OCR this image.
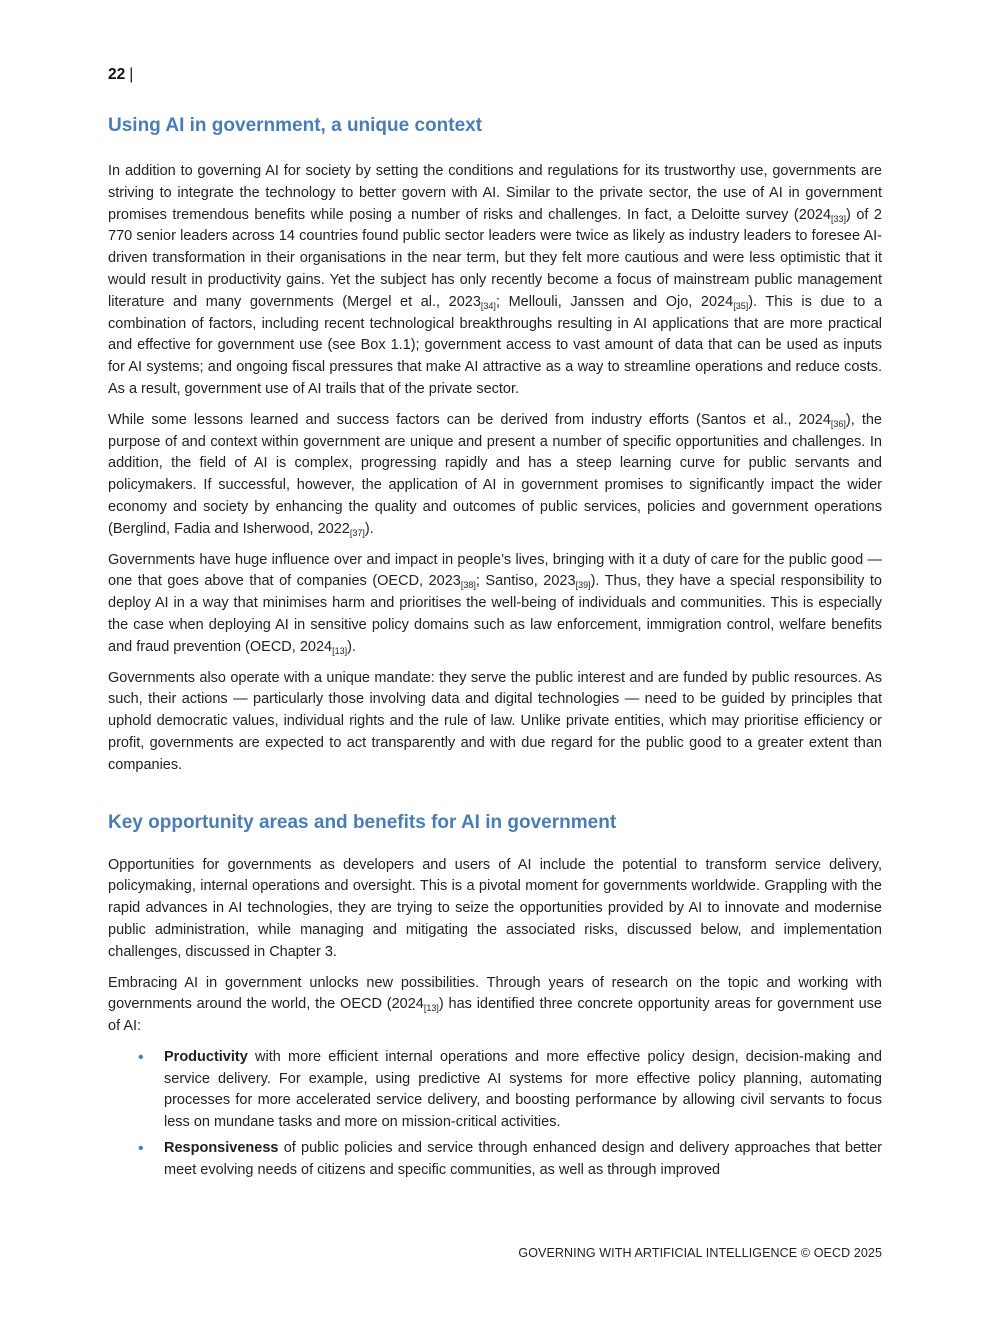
22 |
Using AI in government, a unique context

In addition to governing AI for society by setting the conditions and regulations for its trustworthy use, governments are striving to integrate the technology to better govern with AI. Similar to the private sector, the use of AI in government promises tremendous benefits while posing a number of risks and challenges. In fact, a Deloitte survey $(2024_{[33]})$ of 2 770 senior leaders across 14 countries found public sector leaders were twice as likely as industry leaders to foresee AI-driven transformation in their organisations in the near term, but they felt more cautious and were less optimistic that it would result in productivity gains. Yet the subject has only recently become a focus of mainstream public management literature and many governments (Mergel et al., $2023_{[34]}$; Mellouli, Janssen and Ojo, $2024_{[35]}$). This is due to a combination of factors, including recent technological breakthroughs resulting in AI applications that are more practical and effective for government use (see Box 1.1); government access to vast amount of data that can be used as inputs for AI systems; and ongoing fiscal pressures that make AI attractive as a way to streamline operations and reduce costs. As a result, government use of AI trails that of the private sector.

While some lessons learned and success factors can be derived from industry efforts (Santos et al., $2024_{[36]}$), the purpose of and context within government are unique and present a number of specific opportunities and challenges. In addition, the field of AI is complex, progressing rapidly and has a steep learning curve for public servants and policymakers. If successful, however, the application of AI in government promises to significantly impact the wider economy and society by enhancing the quality and outcomes of public services, policies and government operations (Berglind, Fadia and Isherwood, $2022_{[37]}$).

Governments have huge influence over and impact in people’s lives, bringing with it a duty of care for the public good — one that goes above that of companies (OECD, $2023_{[38]}$; Santiso, $2023_{[39]}$). Thus, they have a special responsibility to deploy AI in a way that minimises harm and prioritises the well-being of individuals and communities. This is especially the case when deploying AI in sensitive policy domains such as law enforcement, immigration control, welfare benefits and fraud prevention (OECD, $2024_{[13]}$).

Governments also operate with a unique mandate: they serve the public interest and are funded by public resources. As such, their actions — particularly those involving data and digital technologies — need to be guided by principles that uphold democratic values, individual rights and the rule of law. Unlike private entities, which may prioritise efficiency or profit, governments are expected to act transparently and with due regard for the public good to a greater extent than companies.

Key opportunity areas and benefits for AI in government

Opportunities for governments as developers and users of AI include the potential to transform service delivery, policymaking, internal operations and oversight. This is a pivotal moment for governments worldwide. Grappling with the rapid advances in AI technologies, they are trying to seize the opportunities provided by AI to innovate and modernise public administration, while managing and mitigating the associated risks, discussed below, and implementation challenges, discussed in Chapter 3.

Embracing AI in government unlocks new possibilities. Through years of research on the topic and working with governments around the world, the OECD $(2024_{[13]})$ has identified three concrete opportunity areas for government use of AI:

• Productivity with more efficient internal operations and more effective policy design, decision-making and service delivery. For example, using predictive AI systems for more effective policy planning, automating processes for more accelerated service delivery, and boosting performance by allowing civil servants to focus less on mundane tasks and more on mission-critical activities.
• Responsiveness of public policies and service through enhanced design and delivery approaches that better meet evolving needs of citizens and specific communities, as well as through improved
GOVERNING WITH ARTIFICIAL INTELLIGENCE © OECD 2025
